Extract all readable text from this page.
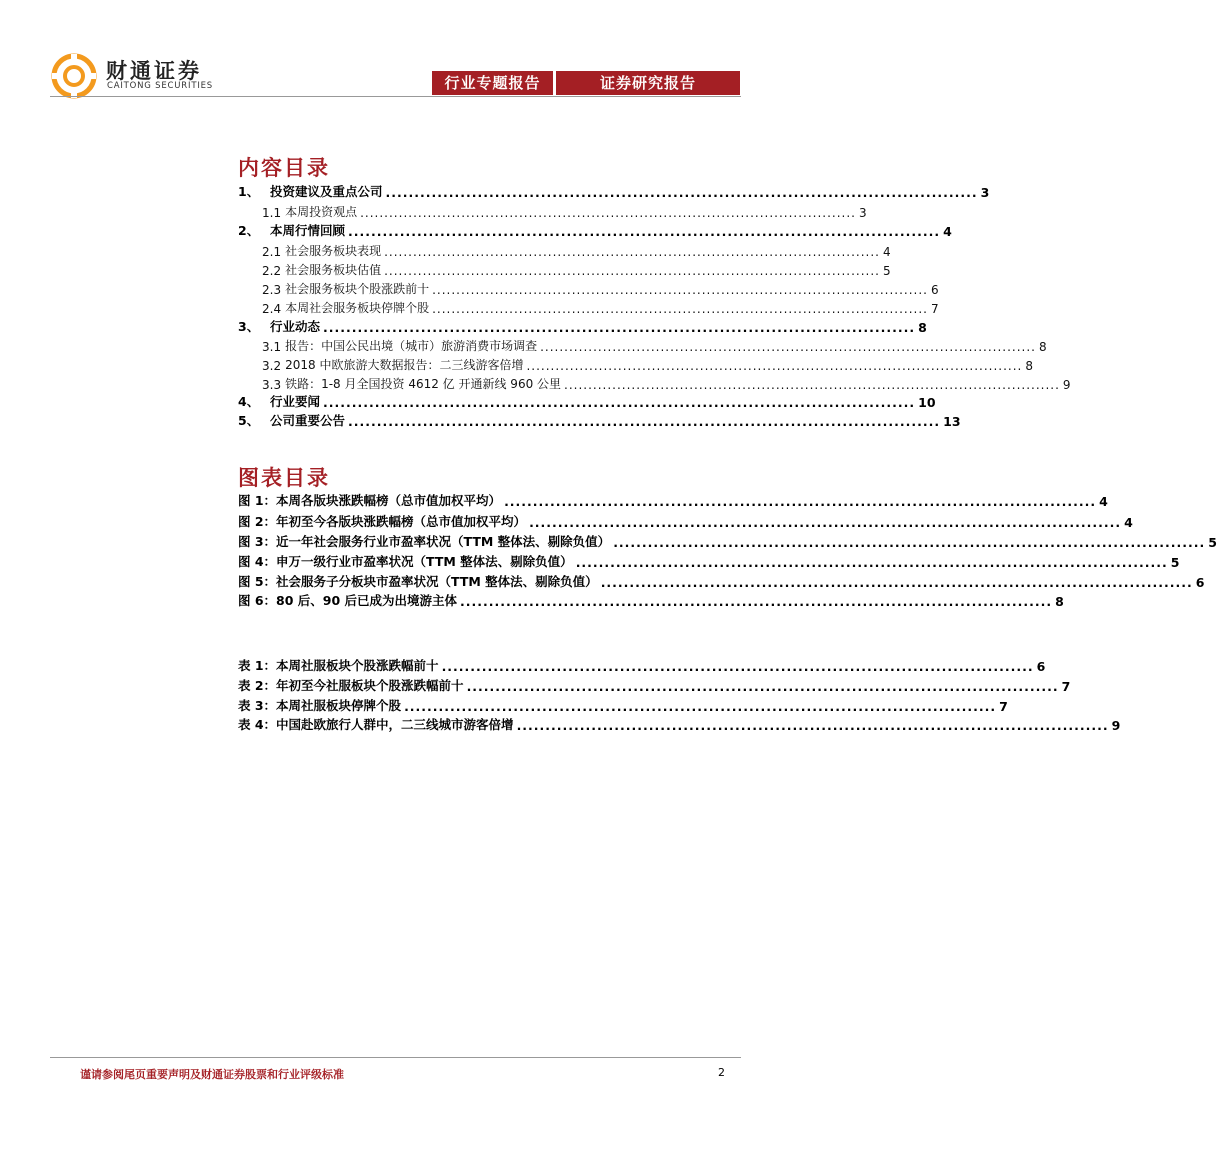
财通证券
CAITONG SECURITIES	行业专题报告	证券研究报告
内容目录
1、 投资建议及重点公司 ....................................................................................................... 3
1.1 本周投资观点 ....................................................................................................... 3
2、 本周行情回顾 ....................................................................................................... 4
2.1 社会服务板块表现 ....................................................................................................... 4
2.2 社会服务板块估值 ....................................................................................................... 5
2.3 社会服务板块个股涨跌前十 ....................................................................................................... 6
2.4 本周社会服务板块停牌个股 ....................................................................................................... 7
3、 行业动态 ....................................................................................................... 8
3.1 报告：中国公民出境（城市）旅游消费市场调查 ....................................................................................................... 8
3.2 2018 中欧旅游大数据报告：二三线游客倍增 ....................................................................................................... 8
3.3 铁路：1-8 月全国投资 4612 亿 开通新线 960 公里 ....................................................................................................... 9
4、 行业要闻 ....................................................................................................... 10
5、 公司重要公告 ....................................................................................................... 13
图表目录
图 1：本周各版块涨跌幅榜（总市值加权平均） ....................................................................................................... 4
图 2：年初至今各版块涨跌幅榜（总市值加权平均） ....................................................................................................... 4
图 3：近一年社会服务行业市盈率状况（TTM 整体法、剔除负值） ....................................................................................................... 5
图 4：申万一级行业市盈率状况（TTM 整体法、剔除负值） ....................................................................................................... 5
图 5：社会服务子分板块市盈率状况（TTM 整体法、剔除负值） ....................................................................................................... 6
图 6：80 后、90 后已成为出境游主体 ....................................................................................................... 8
表 1：本周社服板块个股涨跌幅前十 ....................................................................................................... 6
表 2：年初至今社服板块个股涨跌幅前十 ....................................................................................................... 7
表 3：本周社服板块停牌个股 ....................................................................................................... 7
表 4：中国赴欧旅行人群中，二三线城市游客倍增 ....................................................................................................... 9
谨请参阅尾页重要声明及财通证券股票和行业评级标准	2
